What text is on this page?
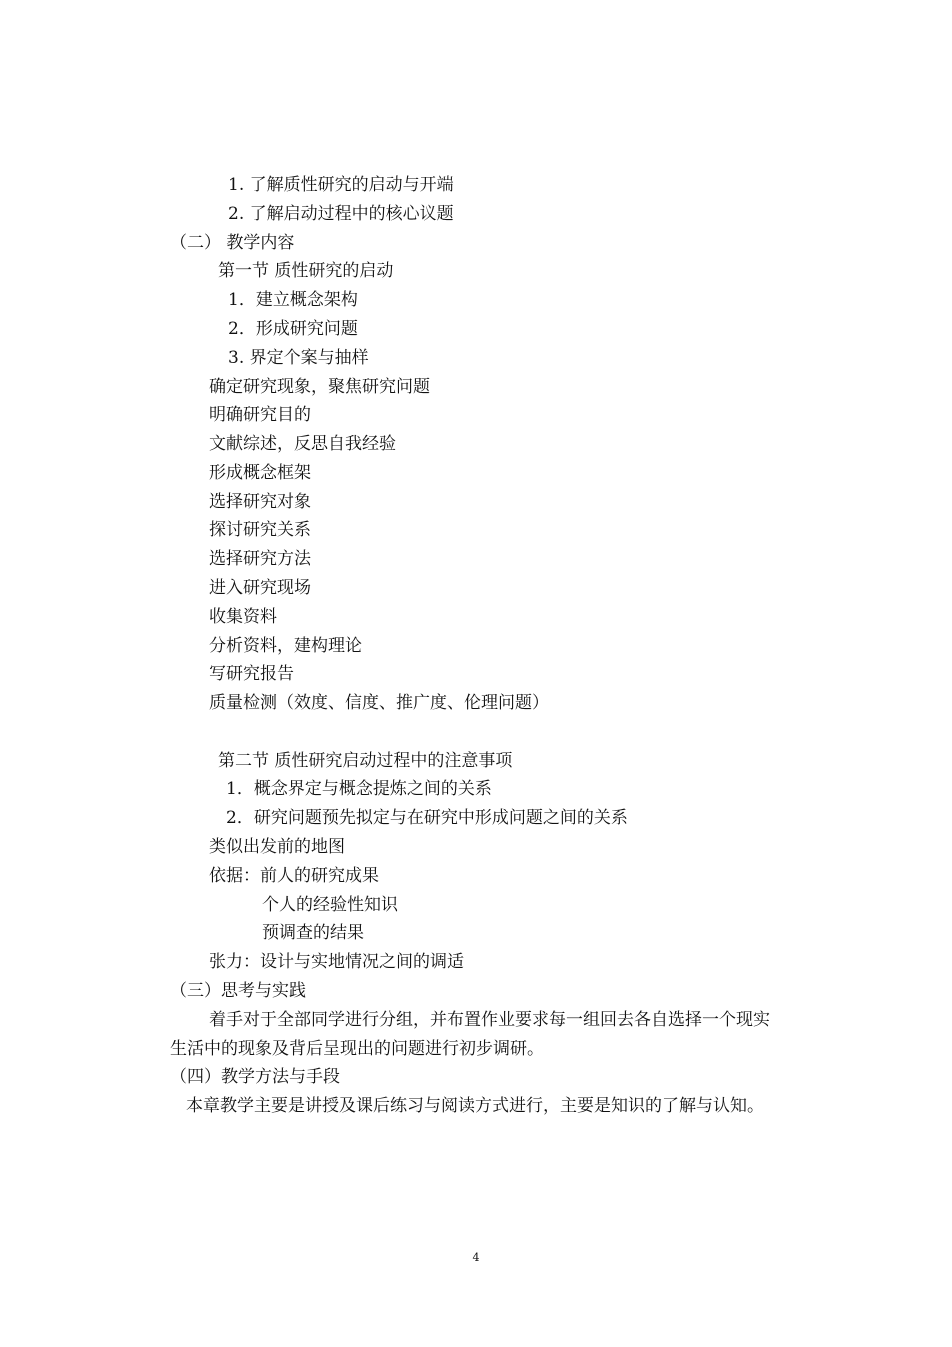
1. 了解质性研究的启动与开端

2. 了解启动过程中的核心议题

（二） 教学内容

第一节 质性研究的启动

1．建立概念架构

2．形成研究问题

3. 界定个案与抽样

确定研究现象，聚焦研究问题

明确研究目的

文献综述，反思自我经验

形成概念框架

选择研究对象

探讨研究关系

选择研究方法

进入研究现场

收集资料

分析资料，建构理论

写研究报告

质量检测（效度、信度、推广度、伦理问题）

第二节 质性研究启动过程中的注意事项

1．概念界定与概念提炼之间的关系

2．研究问题预先拟定与在研究中形成问题之间的关系

类似出发前的地图

依据：前人的研究成果

个人的经验性知识

预调查的结果

张力：设计与实地情况之间的调适

（三）思考与实践

着手对于全部同学进行分组，并布置作业要求每一组回去各自选择一个现实

生活中的现象及背后呈现出的问题进行初步调研。

（四）教学方法与手段

本章教学主要是讲授及课后练习与阅读方式进行，主要是知识的了解与认知。

4
